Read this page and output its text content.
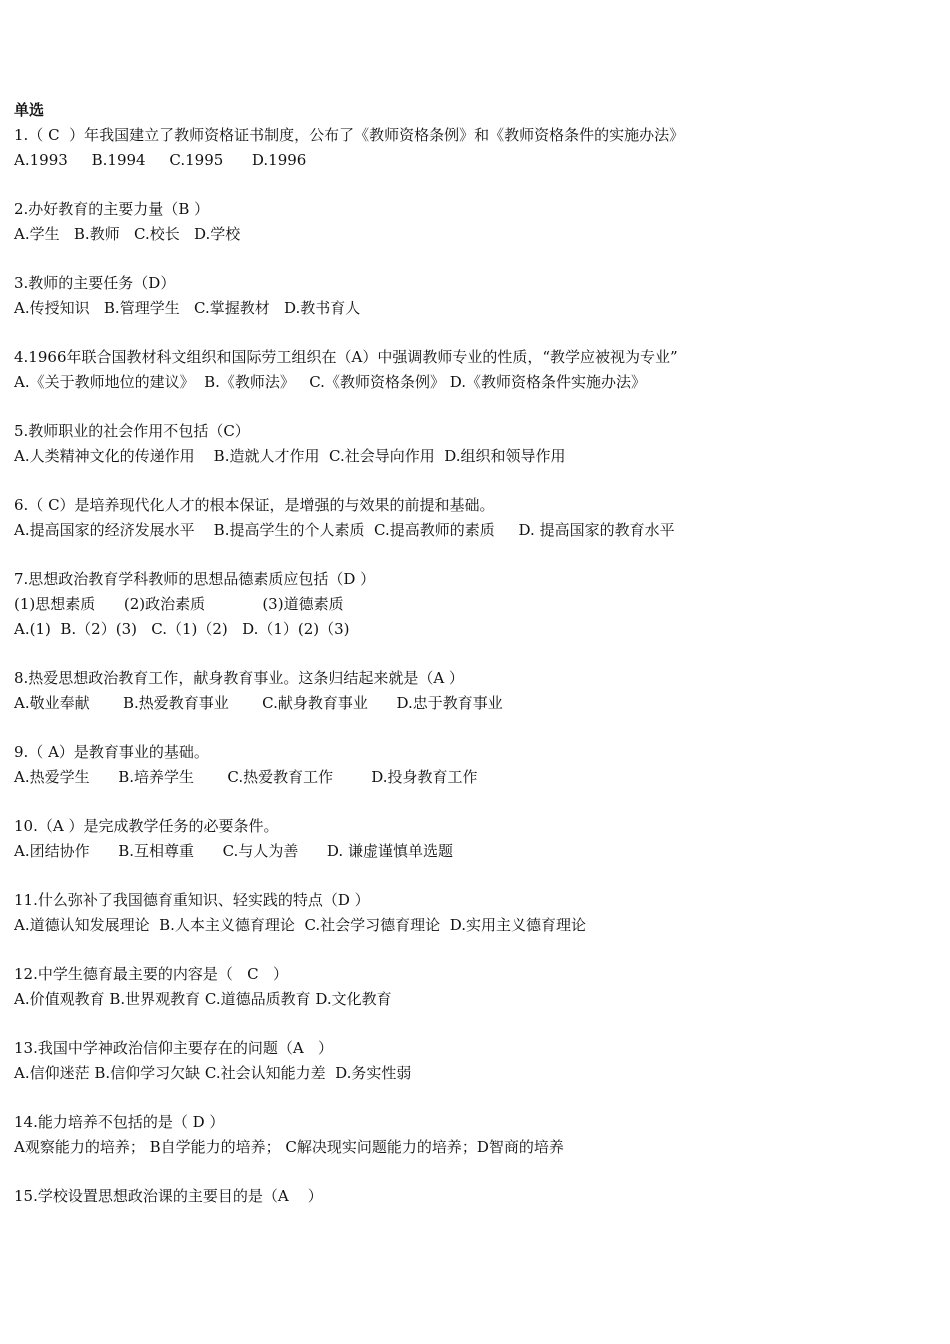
单选
1.（ C  ）年我国建立了教师资格证书制度，公布了《教师资格条例》和《教师资格条件的实施办法》
A.1993     B.1994     C.1995      D.1996
2.办好教育的主要力量（B ）
A.学生   B.教师   C.校长   D.学校
3.教师的主要任务（D）
A.传授知识   B.管理学生   C.掌握教材   D.教书育人
4.1966年联合国教材科文组织和国际劳工组织在（A）中强调教师专业的性质，“教学应被视为专业”
A.《关于教师地位的建议》  B.《教师法》   C.《教师资格条例》 D.《教师资格条件实施办法》
5.教师职业的社会作用不包括（C）
A.人类精神文化的传递作用    B.造就人才作用  C.社会导向作用  D.组织和领导作用
6.（ C）是培养现代化人才的根本保证，是增强的与效果的前提和基础。
A.提高国家的经济发展水平    B.提高学生的个人素质  C.提高教师的素质     D. 提高国家的教育水平
7.思想政治教育学科教师的思想品德素质应包括（D ）
(1)思想素质      (2)政治素质            (3)道德素质
A.(1)  B.（2）(3)   C.（1)（2)   D.（1）(2)（3)
8.热爱思想政治教育工作，献身教育事业。这条归结起来就是（A ）
A.敬业奉献       B.热爱教育事业       C.献身教育事业      D.忠于教育事业
9.（ A）是教育事业的基础。
A.热爱学生      B.培养学生       C.热爱教育工作        D.投身教育工作
10.（A ）是完成教学任务的必要条件。
A.团结协作      B.互相尊重      C.与人为善      D. 谦虚谨慎单选题
11.什么弥补了我国德育重知识、轻实践的特点（D ）
A.道德认知发展理论  B.人本主义德育理论  C.社会学习德育理论  D.实用主义德育理论
12.中学生德育最主要的内容是（   C   ）
A.价值观教育 B.世界观教育 C.道德品质教育 D.文化教育
13.我国中学神政治信仰主要存在的问题（A   ）
A.信仰迷茫 B.信仰学习欠缺 C.社会认知能力差  D.务实性弱
14.能力培养不包括的是（ D ）
A观察能力的培养； B自学能力的培养； C解决现实问题能力的培养；D智商的培养
15.学校设置思想政治课的主要目的是（A    ）
